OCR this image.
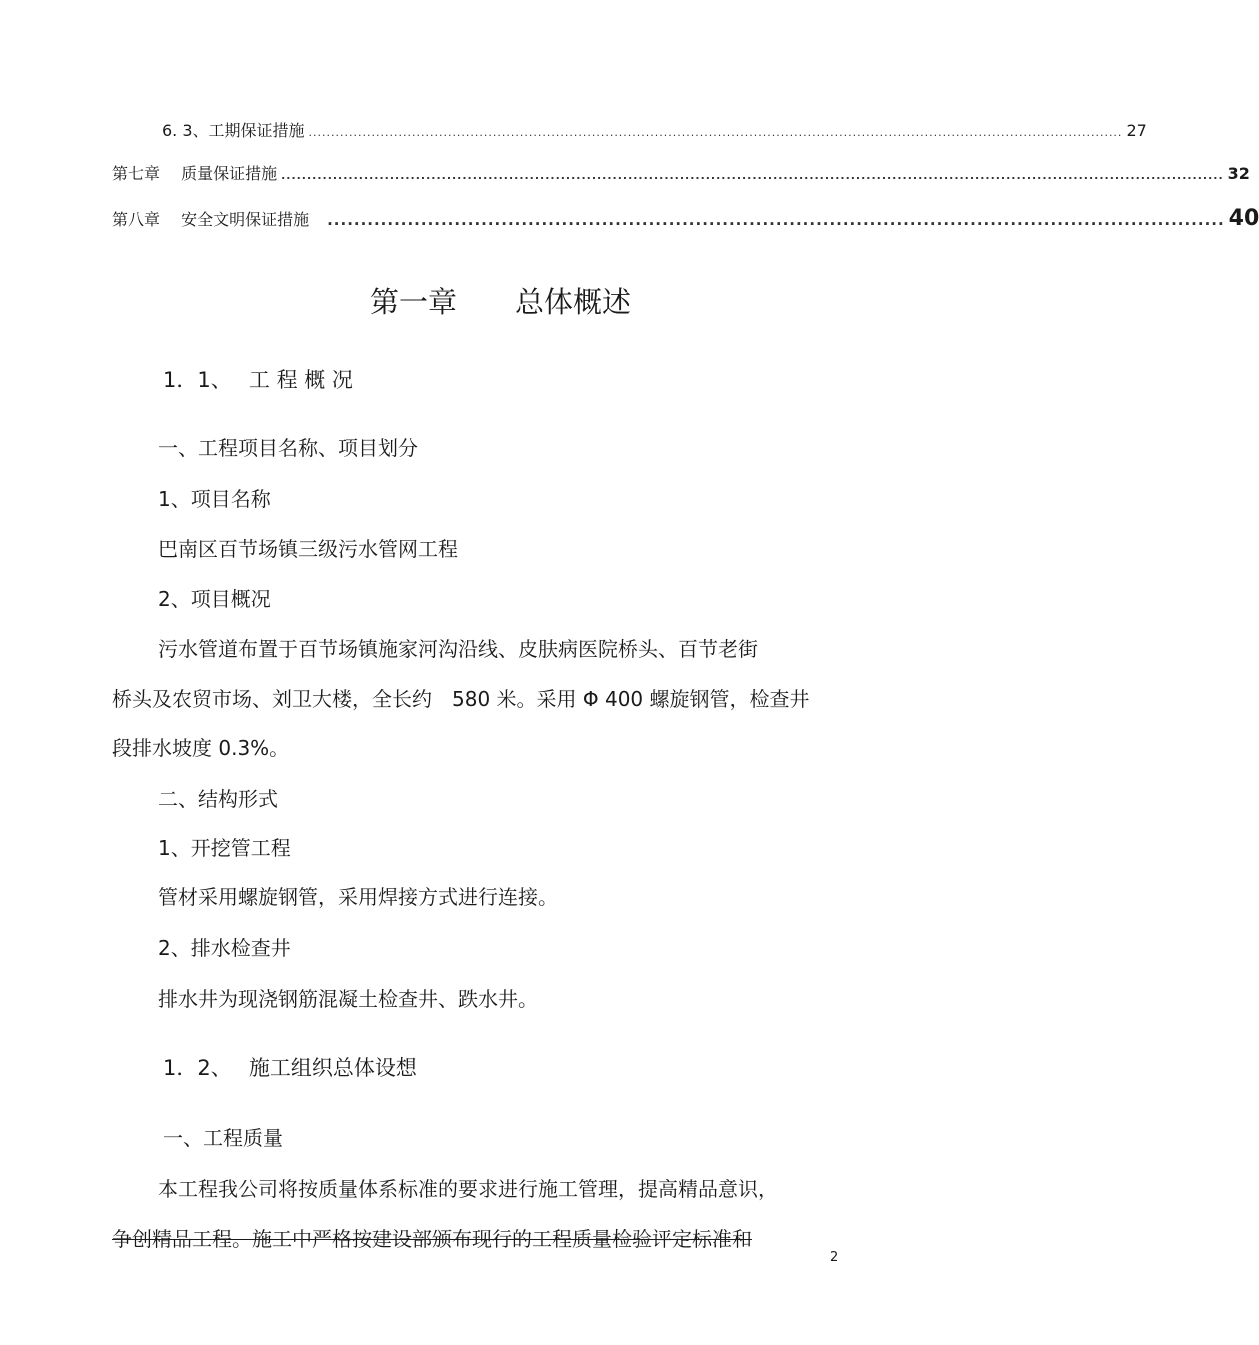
6. 3、工期保证措施 ..................................................................................................................................................................................... 27
第七章　 质量保证措施 ...................................................................................................................................................................................... 32
第八章　 安全文明保证措施 ...................................................................................................................................... 40
第一章　　总体概述
1．1、　 工 程 概 况
一、工程项目名称、项目划分
1、项目名称
巴南区百节场镇三级污水管网工程
2、项目概况
污水管道布置于百节场镇施家河沟沿线、皮肤病医院桥头、百节老街
桥头及农贸市场、刘卫大楼，全长约　580 米。采用 Φ 400 螺旋钢管，检查井
段排水坡度 0.3%。
二、结构形式
1、开挖管工程
管材采用螺旋钢管，采用焊接方式进行连接。
2、排水检查井
排水井为现浇钢筋混凝土检查井、跌水井。
1．2、　 施工组织总体设想
一、工程质量
本工程我公司将按质量体系标准的要求进行施工管理，提高精品意识，
争创精品工程。施工中严格按建设部颁布现行的工程质量检验评定标准和
2
